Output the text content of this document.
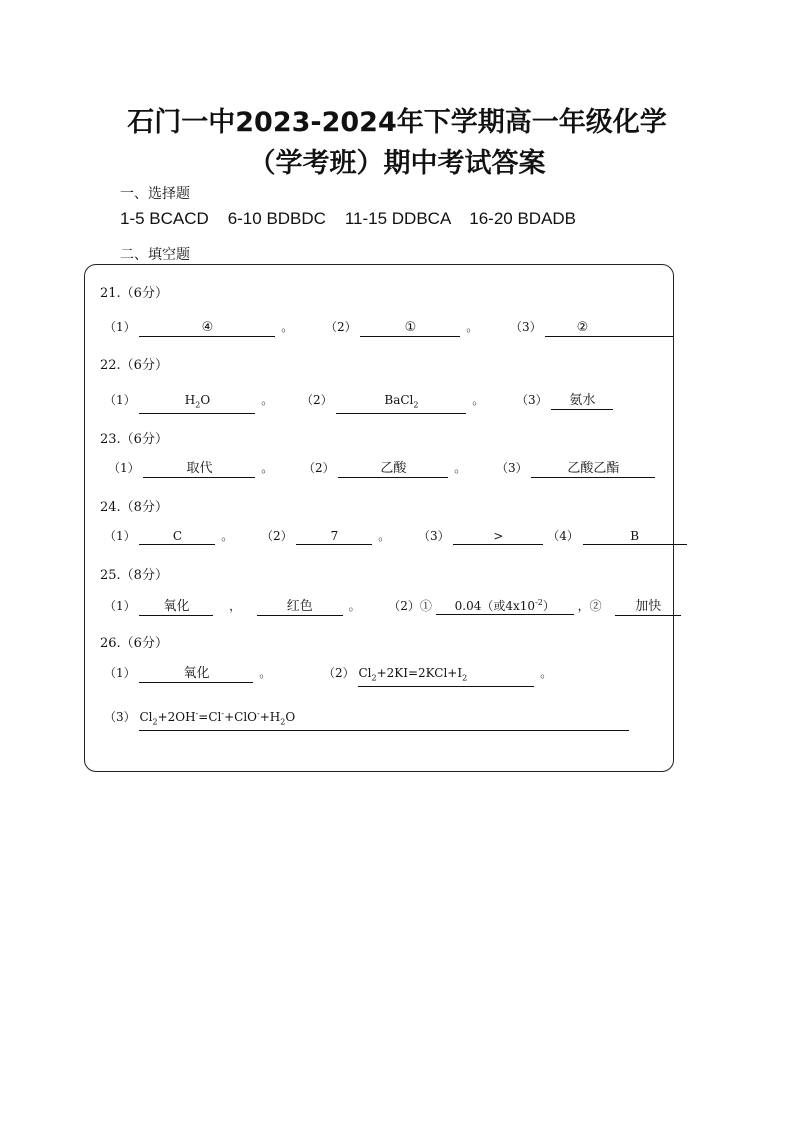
石门一中2023-2024年下学期高一年级化学
（学考班）期中考试答案
一、选择题
1-5 BCACD    6-10 BDBDC    11-15 DDBCA    16-20 BDADB
二、填空题
21.（6分）
（1）	④	。	（2）	①	。	（3）	②
22.（6分）
（1）	$H_2O$	。 （2）	BaCl$_2$	。	（3） 氨水
23.（6分）
（1）	取代	。 （2）	乙酸	。 （3）	乙酸乙酯
24.（8分）
（1）	C	。 （2）	7	。 （3）	>	（4）	B
25.（8分）
（1） 氧化	，	红色	。 （2）① 0.04（或$4x10^{-2}$） ，②	加快
26.（6分）
（1）	氧化	。	（2） $Cl_2+2KI=2KCl+I_2$	。
（3） $Cl_2+2OH^-=Cl^-+ClO^-+H_2O$
